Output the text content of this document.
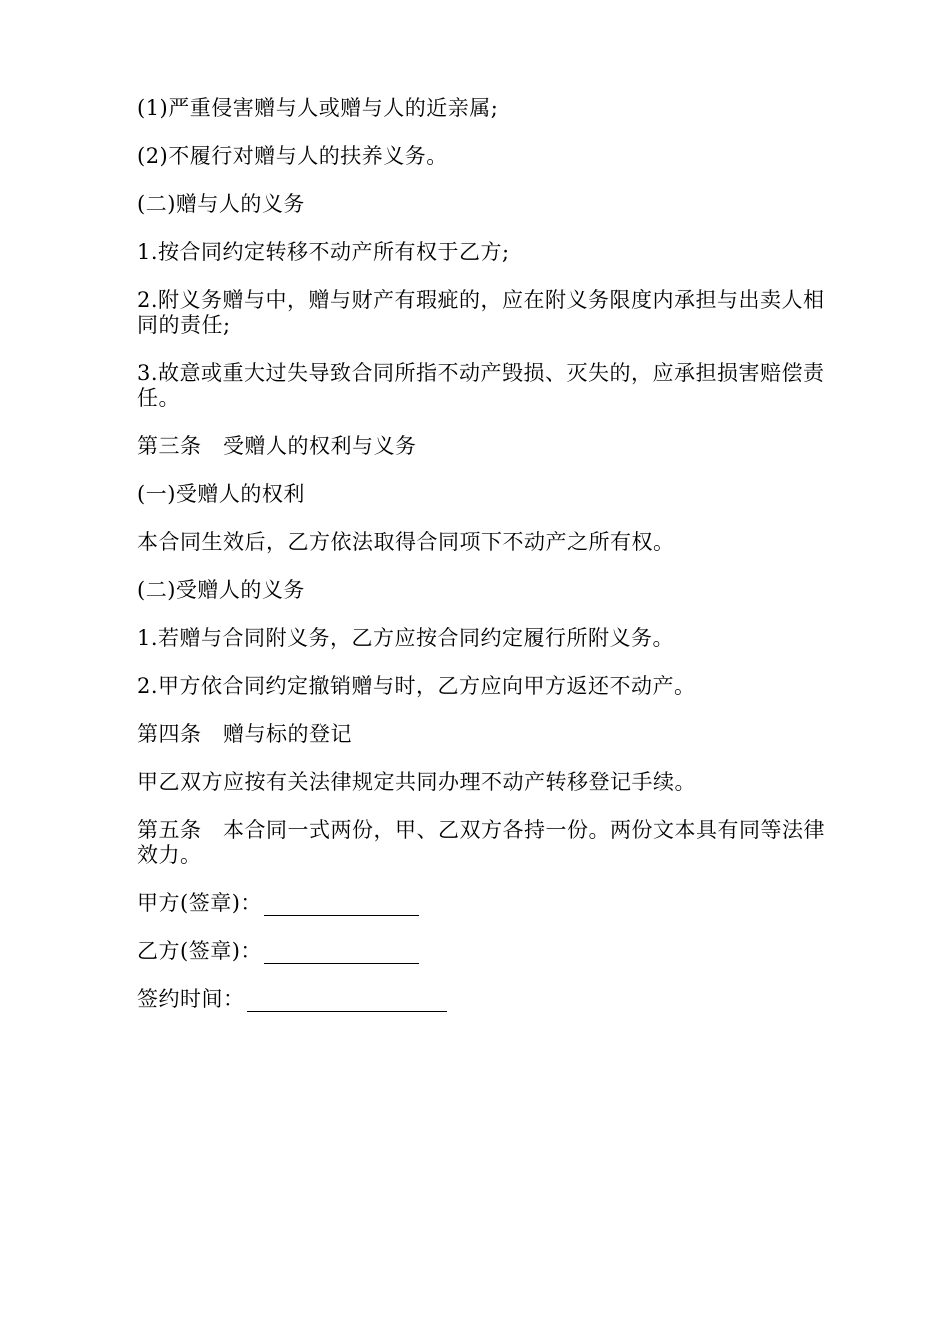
(1)严重侵害赠与人或赠与人的近亲属;

(2)不履行对赠与人的扶养义务。

(二)赠与人的义务

1.按合同约定转移不动产所有权于乙方;

2.附义务赠与中，赠与财产有瑕疵的，应在附义务限度内承担与出卖人相同的责任;

3.故意或重大过失导致合同所指不动产毁损、灭失的，应承担损害赔偿责任。

第三条　受赠人的权利与义务

(一)受赠人的权利

本合同生效后，乙方依法取得合同项下不动产之所有权。

(二)受赠人的义务

1.若赠与合同附义务，乙方应按合同约定履行所附义务。

2.甲方依合同约定撤销赠与时，乙方应向甲方返还不动产。

第四条　赠与标的登记

甲乙双方应按有关法律规定共同办理不动产转移登记手续。

第五条　本合同一式两份，甲、乙双方各持一份。两份文本具有同等法律效力。

甲方(签章)：
乙方(签章)：
签约时间：
